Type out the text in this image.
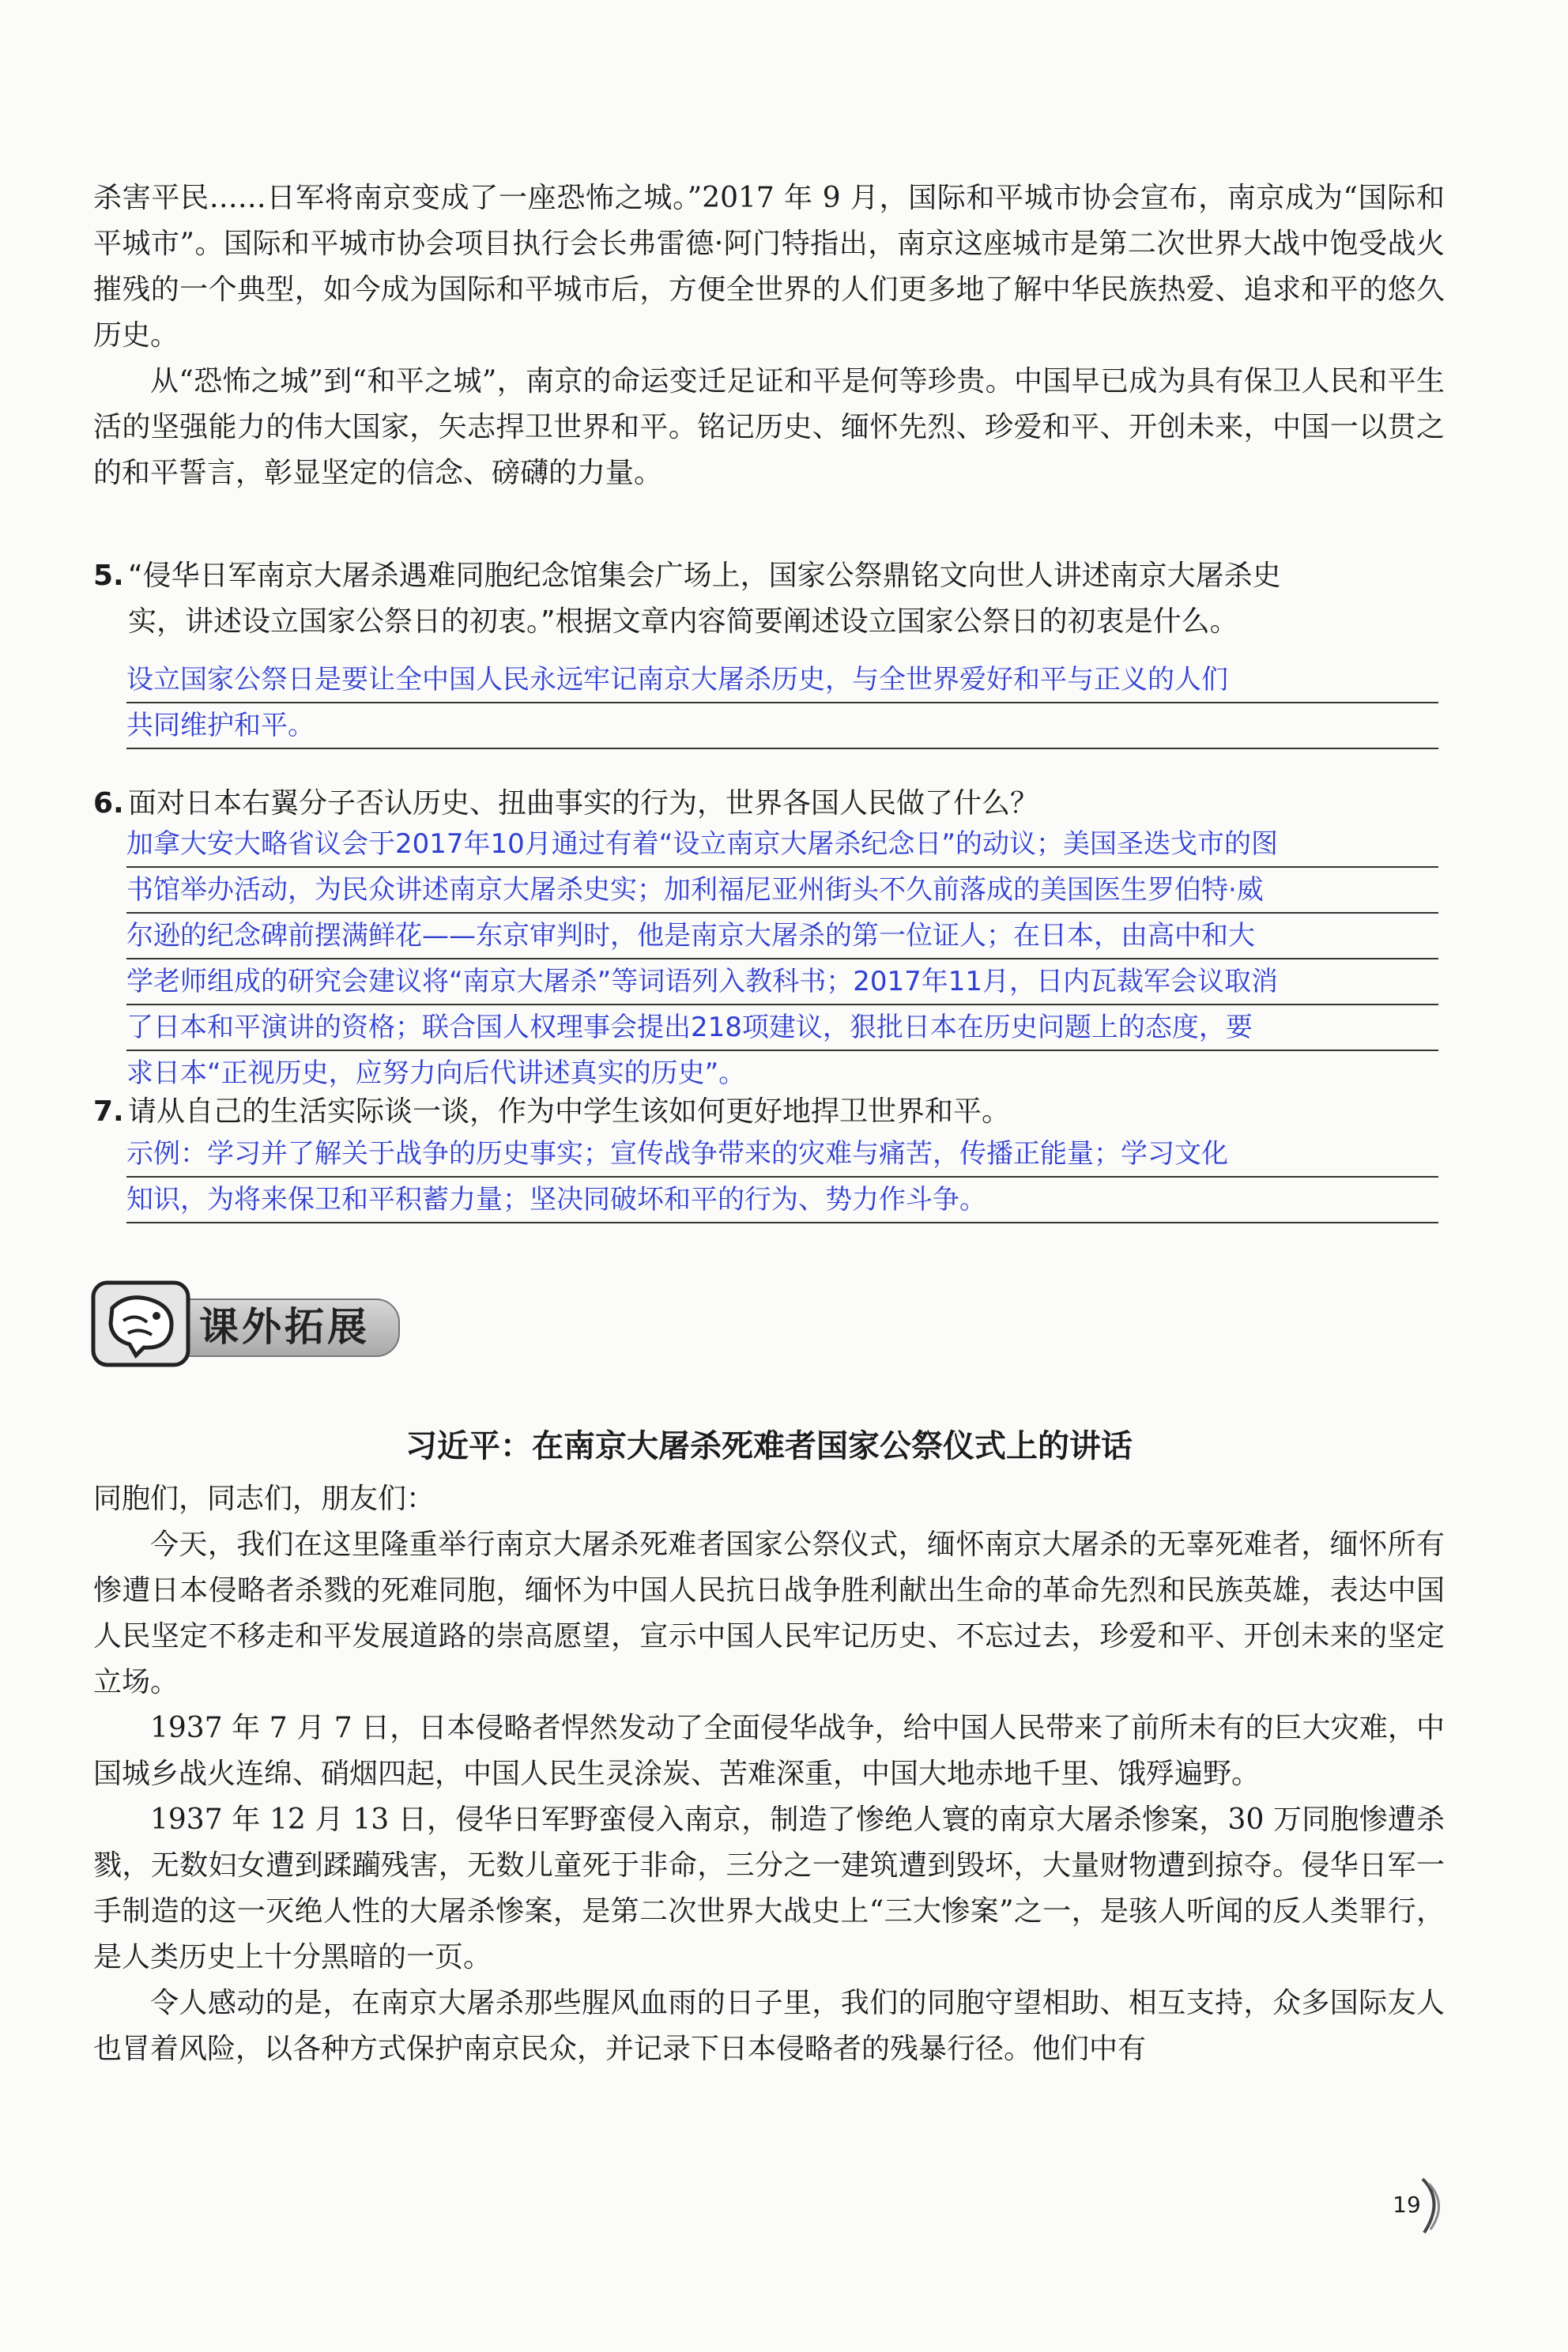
杀害平民……日军将南京变成了一座恐怖之城。”2017 年 9 月，国际和平城市协会宣布，南京成为“国际和平城市”。国际和平城市协会项目执行会长弗雷德·阿门特指出，南京这座城市是第二次世界大战中饱受战火摧残的一个典型，如今成为国际和平城市后，方便全世界的人们更多地了解中华民族热爱、追求和平的悠久历史。

从“恐怖之城”到“和平之城”，南京的命运变迁足证和平是何等珍贵。中国早已成为具有保卫人民和平生活的坚强能力的伟大国家，矢志捍卫世界和平。铭记历史、缅怀先烈、珍爱和平、开创未来，中国一以贯之的和平誓言，彰显坚定的信念、磅礴的力量。

5. “侵华日军南京大屠杀遇难同胞纪念馆集会广场上，国家公祭鼎铭文向世人讲述南京大屠杀史
实，讲述设立国家公祭日的初衷。”根据文章内容简要阐述设立国家公祭日的初衷是什么。
设立国家公祭日是要让全中国人民永远牢记南京大屠杀历史，与全世界爱好和平与正义的人们
共同维护和平。
6. 面对日本右翼分子否认历史、扭曲事实的行为，世界各国人民做了什么？
加拿大安大略省议会于2017年10月通过有着“设立南京大屠杀纪念日”的动议；美国圣迭戈市的图
书馆举办活动，为民众讲述南京大屠杀史实；加利福尼亚州街头不久前落成的美国医生罗伯特·威
尔逊的纪念碑前摆满鲜花——东京审判时，他是南京大屠杀的第一位证人；在日本，由高中和大
学老师组成的研究会建议将“南京大屠杀”等词语列入教科书；2017年11月，日内瓦裁军会议取消
了日本和平演讲的资格；联合国人权理事会提出218项建议，狠批日本在历史问题上的态度，要
求日本“正视历史，应努力向后代讲述真实的历史”。
7. 请从自己的生活实际谈一谈，作为中学生该如何更好地捍卫世界和平。
示例：学习并了解关于战争的历史事实；宣传战争带来的灾难与痛苦，传播正能量；学习文化
知识，为将来保卫和平积蓄力量；坚决同破坏和平的行为、势力作斗争。
课外拓展
习近平：在南京大屠杀死难者国家公祭仪式上的讲话

同胞们，同志们，朋友们：

今天，我们在这里隆重举行南京大屠杀死难者国家公祭仪式，缅怀南京大屠杀的无辜死难者，缅怀所有惨遭日本侵略者杀戮的死难同胞，缅怀为中国人民抗日战争胜利献出生命的革命先烈和民族英雄，表达中国人民坚定不移走和平发展道路的崇高愿望，宣示中国人民牢记历史、不忘过去，珍爱和平、开创未来的坚定立场。

1937 年 7 月 7 日，日本侵略者悍然发动了全面侵华战争，给中国人民带来了前所未有的巨大灾难，中国城乡战火连绵、硝烟四起，中国人民生灵涂炭、苦难深重，中国大地赤地千里、饿殍遍野。

1937 年 12 月 13 日，侵华日军野蛮侵入南京，制造了惨绝人寰的南京大屠杀惨案，30 万同胞惨遭杀戮，无数妇女遭到蹂躏残害，无数儿童死于非命，三分之一建筑遭到毁坏，大量财物遭到掠夺。侵华日军一手制造的这一灭绝人性的大屠杀惨案，是第二次世界大战史上“三大惨案”之一，是骇人听闻的反人类罪行，是人类历史上十分黑暗的一页。

令人感动的是，在南京大屠杀那些腥风血雨的日子里，我们的同胞守望相助、相互支持，众多国际友人也冒着风险，以各种方式保护南京民众，并记录下日本侵略者的残暴行径。他们中有

19
